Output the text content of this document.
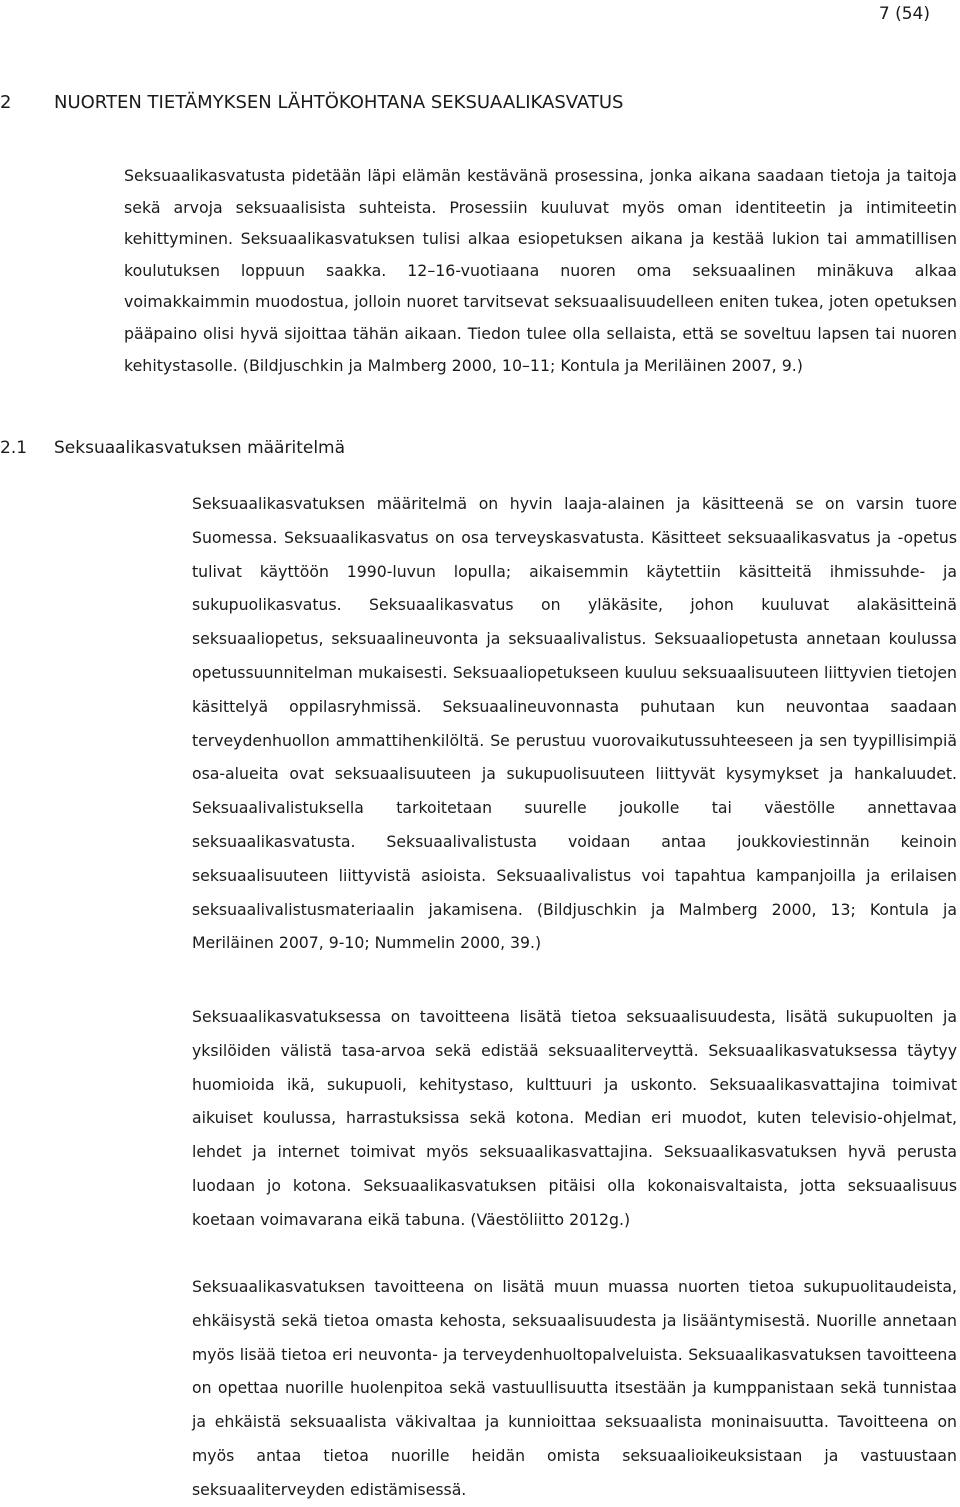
7 (54)
2 NUORTEN TIETÄMYKSEN LÄHTÖKOHTANA SEKSUAALIKASVATUS

Seksuaalikasvatusta pidetään läpi elämän kestävänä prosessina, jonka aikana saadaan tietoja ja taitoja sekä arvoja seksuaalisista suhteista. Prosessiin kuuluvat myös oman identiteetin ja intimiteetin kehittyminen. Seksuaalikasvatuksen tulisi alkaa esiopetuksen aikana ja kestää lukion tai ammatillisen koulutuksen loppuun saakka. 12–16-vuotiaana nuoren oma seksuaalinen minäkuva alkaa voimakkaimmin muodostua, jolloin nuoret tarvitsevat seksuaalisuudelleen eniten tukea, joten opetuksen pääpaino olisi hyvä sijoittaa tähän aikaan. Tiedon tulee olla sellaista, että se soveltuu lapsen tai nuoren kehitystasolle. (Bildjuschkin ja Malmberg 2000, 10–11; Kontula ja Meriläinen 2007, 9.)

2.1 Seksuaalikasvatuksen määritelmä

Seksuaalikasvatuksen määritelmä on hyvin laaja-alainen ja käsitteenä se on varsin tuore Suomessa. Seksuaalikasvatus on osa terveyskasvatusta. Käsitteet seksuaalikasvatus ja -opetus tulivat käyttöön 1990-luvun lopulla; aikaisemmin käytettiin käsitteitä ihmissuhde- ja sukupuolikasvatus. Seksuaalikasvatus on yläkäsite, johon kuuluvat alakäsitteinä seksuaaliopetus, seksuaalineuvonta ja seksuaalivalistus. Seksuaaliopetusta annetaan koulussa opetussuunnitelman mukaisesti. Seksuaaliopetukseen kuuluu seksuaalisuuteen liittyvien tietojen käsittelyä oppilasryhmissä. Seksuaalineuvonnasta puhutaan kun neuvontaa saadaan terveydenhuollon ammattihenkilöltä. Se perustuu vuorovaikutussuhteeseen ja sen tyypillisimpiä osa-alueita ovat seksuaalisuuteen ja sukupuolisuuteen liittyvät kysymykset ja hankaluudet. Seksuaalivalistuksella tarkoitetaan suurelle joukolle tai väestölle annettavaa seksuaalikasvatusta. Seksuaalivalistusta voidaan antaa joukkoviestinnän keinoin seksuaalisuuteen liittyvistä asioista. Seksuaalivalistus voi tapahtua kampanjoilla ja erilaisen seksuaalivalistusmateriaalin jakamisena. (Bildjuschkin ja Malmberg 2000, 13; Kontula ja Meriläinen 2007, 9-10; Nummelin 2000, 39.)

Seksuaalikasvatuksessa on tavoitteena lisätä tietoa seksuaalisuudesta, lisätä sukupuolten ja yksilöiden välistä tasa-arvoa sekä edistää seksuaaliterveyttä. Seksuaalikasvatuksessa täytyy huomioida ikä, sukupuoli, kehitystaso, kulttuuri ja uskonto. Seksuaalikasvattajina toimivat aikuiset koulussa, harrastuksissa sekä kotona. Median eri muodot, kuten televisio-ohjelmat, lehdet ja internet toimivat myös seksuaalikasvattajina. Seksuaalikasvatuksen hyvä perusta luodaan jo kotona. Seksuaalikasvatuksen pitäisi olla kokonaisvaltaista, jotta seksuaalisuus koetaan voimavarana eikä tabuna. (Väestöliitto 2012g.)

Seksuaalikasvatuksen tavoitteena on lisätä muun muassa nuorten tietoa sukupuolitaudeista, ehkäisystä sekä tietoa omasta kehosta, seksuaalisuudesta ja lisääntymisestä. Nuorille annetaan myös lisää tietoa eri neuvonta- ja terveydenhuoltopalveluista. Seksuaalikasvatuksen tavoitteena on opettaa nuorille huolenpitoa sekä vastuullisuutta itsestään ja kumppanistaan sekä tunnistaa ja ehkäistä seksuaalista väkivaltaa ja kunnioittaa seksuaalista moninaisuutta. Tavoitteena on myös antaa tietoa nuorille heidän omista seksuaalioikeuksistaan ja vastuustaan seksuaaliterveyden edistämisessä.
